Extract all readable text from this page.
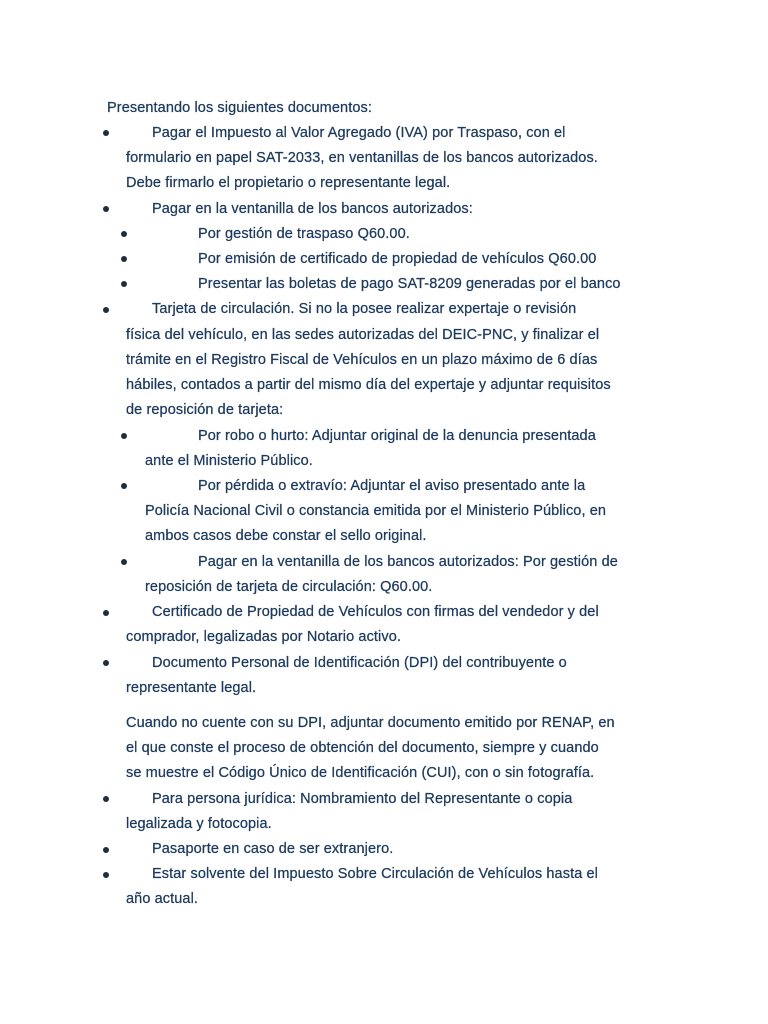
Presentando los siguientes documentos:
Pagar el Impuesto al Valor Agregado (IVA) por Traspaso, con el
formulario en papel SAT-2033, en ventanillas de los bancos autorizados.
Debe firmarlo el propietario o representante legal.
Pagar en la ventanilla de los bancos autorizados:
Por gestión de traspaso Q60.00.
Por emisión de certificado de propiedad de vehículos Q60.00
Presentar las boletas de pago SAT-8209 generadas por el banco
Tarjeta de circulación. Si no la posee realizar expertaje o revisión
física del vehículo, en las sedes autorizadas del DEIC-PNC, y finalizar el
trámite en el Registro Fiscal de Vehículos en un plazo máximo de 6 días
hábiles, contados a partir del mismo día del expertaje y adjuntar requisitos
de reposición de tarjeta:
Por robo o hurto: Adjuntar original de la denuncia presentada
ante el Ministerio Público.
Por pérdida o extravío: Adjuntar el aviso presentado ante la
Policía Nacional Civil o constancia emitida por el Ministerio Público, en
ambos casos debe constar el sello original.
Pagar en la ventanilla de los bancos autorizados: Por gestión de
reposición de tarjeta de circulación: Q60.00.
Certificado de Propiedad de Vehículos con firmas del vendedor y del
comprador, legalizadas por Notario activo.
Documento Personal de Identificación (DPI) del contribuyente o
representante legal.
Cuando no cuente con su DPI, adjuntar documento emitido por RENAP, en
el que conste el proceso de obtención del documento, siempre y cuando
se muestre el Código Único de Identificación (CUI), con o sin fotografía.
Para persona jurídica: Nombramiento del Representante o copia
legalizada y fotocopia.
Pasaporte en caso de ser extranjero.
Estar solvente del Impuesto Sobre Circulación de Vehículos hasta el
año actual.
